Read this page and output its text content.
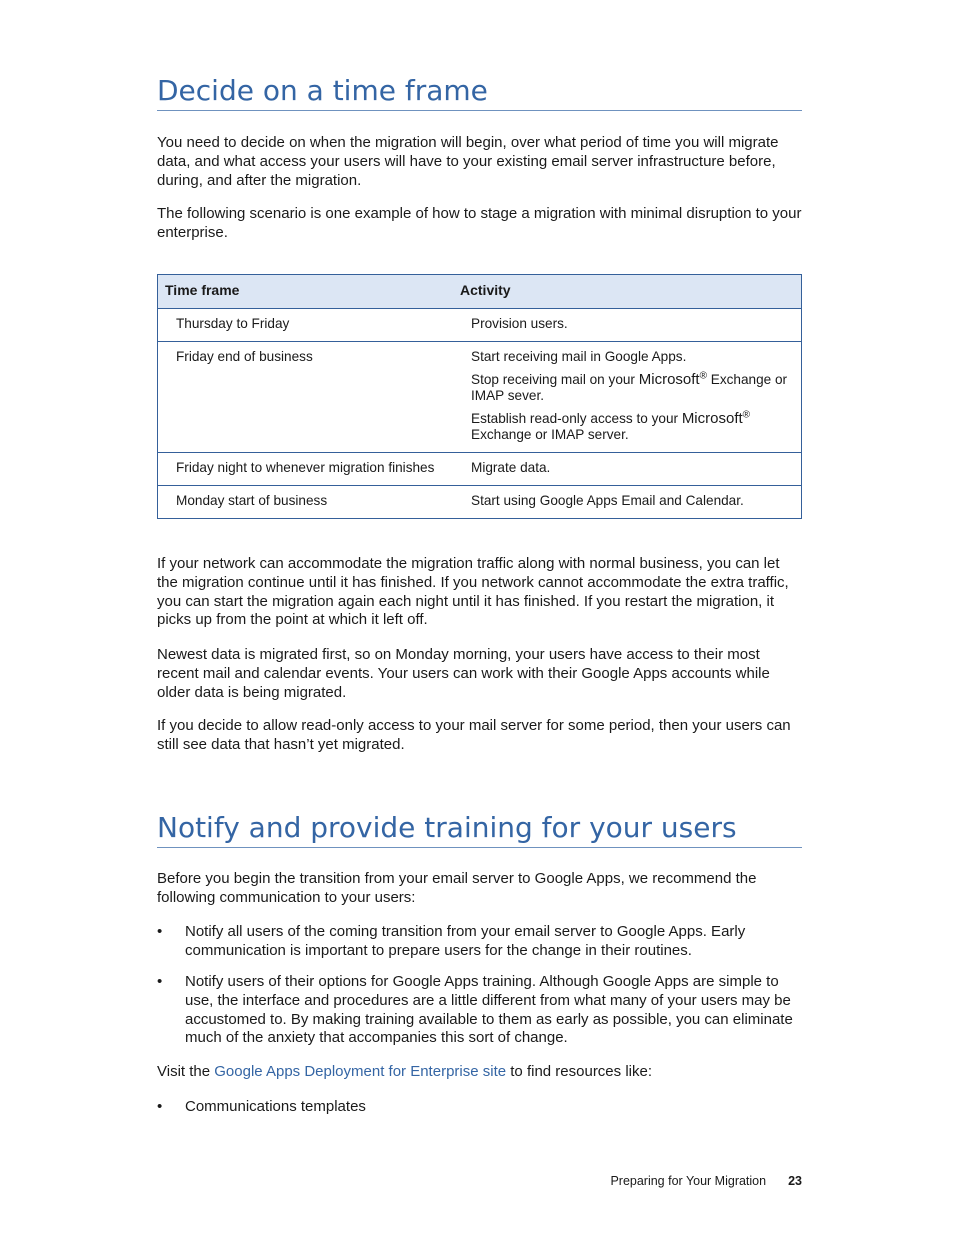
Decide on a time frame

You need to decide on when the migration will begin, over what period of time you will migrate data, and what access your users will have to your existing email server infrastructure before, during, and after the migration.

The following scenario is one example of how to stage a migration with minimal disruption to your enterprise.

Time frame	Activity
Thursday to Friday	Provision users.

Friday end of business	Start receiving mail in Google Apps.

Stop receiving mail on your Microsoft® Exchange or IMAP sever.

Establish read-only access to your Microsoft® Exchange or IMAP server.

Friday night to whenever migration finishes	Migrate data.

Monday start of business	Start using Google Apps Email and Calendar.

If your network can accommodate the migration traffic along with normal business, you can let the migration continue until it has finished. If you network cannot accommodate the extra traffic, you can start the migration again each night until it has finished. If you restart the migration, it picks up from the point at which it left off.

Newest data is migrated first, so on Monday morning, your users have access to their most recent mail and calendar events. Your users can work with their Google Apps accounts while older data is being migrated.

If you decide to allow read-only access to your mail server for some period, then your users can still see data that hasn’t yet migrated.

Notify and provide training for your users

Before you begin the transition from your email server to Google Apps, we recommend the following communication to your users:

•	Notify all users of the coming transition from your email server to Google Apps. Early communication is important to prepare users for the change in their routines.
•	Notify users of their options for Google Apps training. Although Google Apps are simple to use, the interface and procedures are a little different from what many of your users may be accustomed to. By making training available to them as early as possible, you can eliminate much of the anxiety that accompanies this sort of change.

Visit the Google Apps Deployment for Enterprise site to find resources like:

•	Communications templates
Preparing for Your Migration 23
